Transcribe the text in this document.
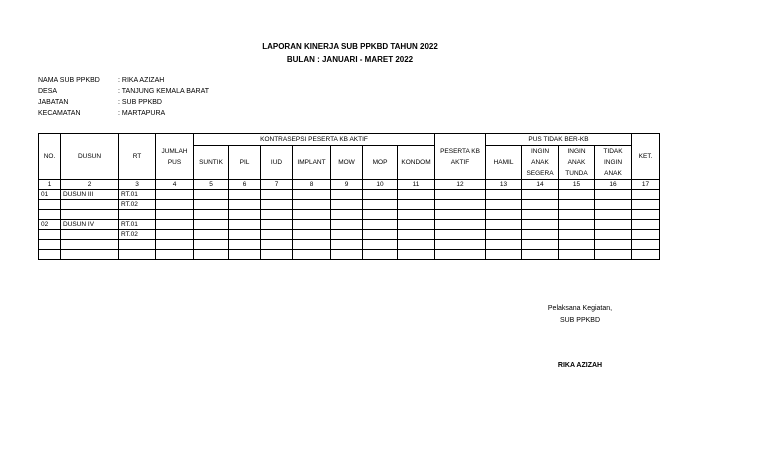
LAPORAN KINERJA SUB PPKBD TAHUN 2022
BULAN : JANUARI - MARET 2022
NAMA SUB PPKBD	: RIKA AZIZAH
DESA	: TANJUNG KEMALA BARAT
JABATAN	: SUB PPKBD
KECAMATAN	: MARTAPURA
NO.	DUSUN	RT	JUMLAH PUS	KONTRASEPSI PESERTA KB AKTIF							PESERTA KB AKTIF	PUS TIDAK BER-KB				KET.
				SUNTIK	PIL	IUD	IMPLANT	MOW	MOP	KONDOM		HAMIL	INGIN ANAK SEGERA	INGIN ANAK TUNDA	TIDAK INGIN ANAK	
1	2	3	4	5	6	7	8	9	10	11	12	13	14	15	16	17
01	DUSUN III	RT.01														
		RT.02														

02	DUSUN IV	RT.01														
		RT.02														

Pelaksana Kegiatan,
SUB PPKBD
RIKA AZIZAH
